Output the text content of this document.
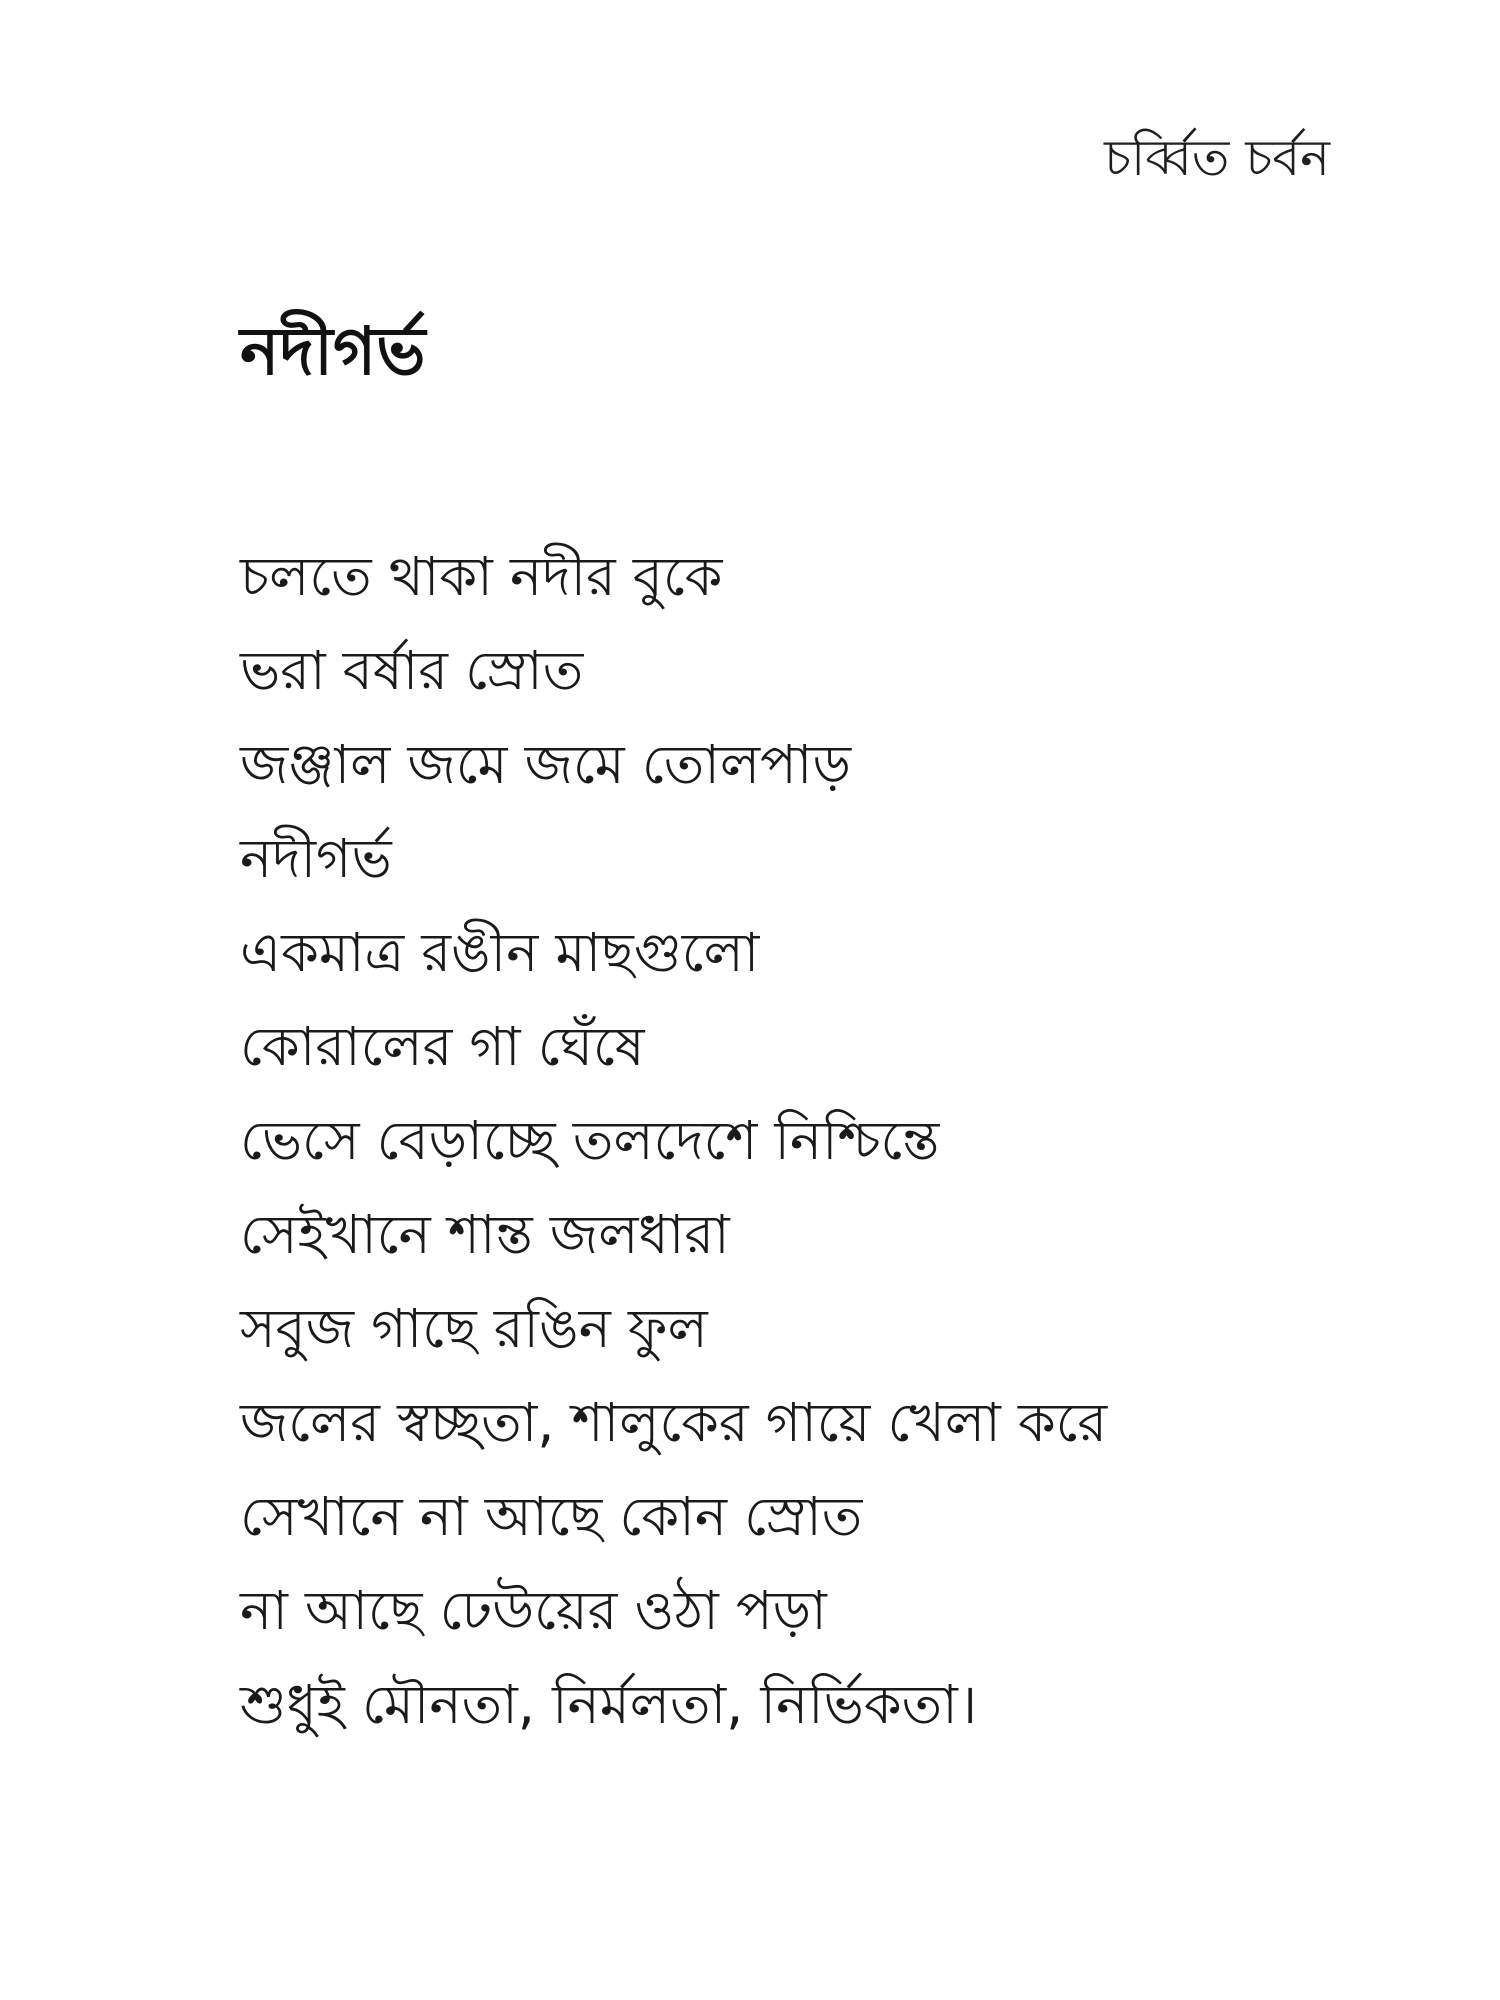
চর্ব্বিত চর্বন
নদীগর্ভ
চলতে থাকা নদীর বুকে
ভরা বর্ষার স্রোত
জঞ্জাল জমে জমে তোলপাড়
নদীগর্ভ
একমাত্র রঙীন মাছগুলো
কোরালের গা ঘেঁষে
ভেসে বেড়াচ্ছে তলদেশে নিশ্চিন্তে
সেইখানে শান্ত জলধারা
সবুজ গাছে রঙিন ফুল
জলের স্বচ্ছতা, শালুকের গায়ে খেলা করে
সেখানে না আছে কোন স্রোত
না আছে ঢেউয়ের ওঠা পড়া
শুধুই মৌনতা, নির্মলতা, নির্ভিকতা।
